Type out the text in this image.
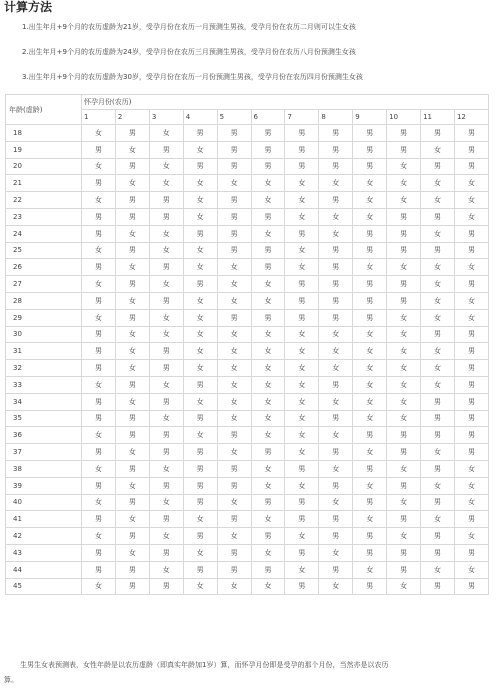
计算方法
1.出生年月+9个月的农历虚龄为21岁，受孕月份在农历一月预测生男孩，受孕月份在农历二月则可以生女孩
2.出生年月+9个月的农历虚龄为24岁，受孕月份在农历三月预测生男孩，受孕月份在农历八月份预测生女孩
3.出生年月+9个月的农历虚龄为30岁，受孕月份在农历一月份预测生男孩，受孕月份在农历四月份预测生女孩
年龄(虚龄)	怀孕月份(农历)											
	1	2	3	4	5	6	7	8	9	10	11	12
18	女	男	女	男	男	男	男	男	男	男	男	男
19	男	女	男	女	男	男	男	男	男	男	女	男
20	女	男	女	男	男	男	男	男	男	女	男	男
21	男	女	女	女	女	女	女	女	女	女	女	女
22	女	男	男	女	男	女	女	男	女	女	女	女
23	男	男	男	女	男	男	女	女	女	男	男	女
24	男	女	女	男	男	女	男	女	男	男	女	男
25	女	男	女	女	男	男	女	男	男	男	男	男
26	男	女	男	女	女	男	女	男	女	女	女	女
27	女	男	女	男	女	女	男	男	男	男	女	男
28	男	女	男	女	女	女	男	男	男	男	女	女
29	女	男	女	女	男	男	男	男	男	女	女	女
30	男	女	女	女	女	女	女	女	女	女	男	男
31	男	女	男	女	女	女	女	女	女	女	女	男
32	男	女	男	女	女	女	女	女	女	女	女	男
33	女	男	女	男	女	女	女	男	女	女	女	男
34	男	女	男	女	女	女	女	女	女	女	男	男
35	男	男	女	男	女	女	女	男	女	女	男	男
36	女	男	男	女	男	女	女	女	男	男	男	男
37	男	女	男	男	女	男	女	男	女	男	女	男
38	女	男	女	男	男	女	男	女	男	女	男	女
39	男	女	男	男	男	女	女	男	女	男	女	女
40	女	男	女	男	女	男	男	女	男	女	男	女
41	男	女	男	女	男	女	男	男	女	男	女	男
42	女	男	女	男	女	男	女	男	男	女	男	女
43	男	女	男	女	男	女	男	女	男	男	男	男
44	男	男	女	男	男	男	女	男	女	男	女	女
45	女	男	男	女	女	女	男	女	男	女	男	男
生男生女表预测表，女性年龄是以农历虚龄（即真实年龄加1岁）算，而怀孕月份即是受孕的那个月份，当然亦是以农历
算。
